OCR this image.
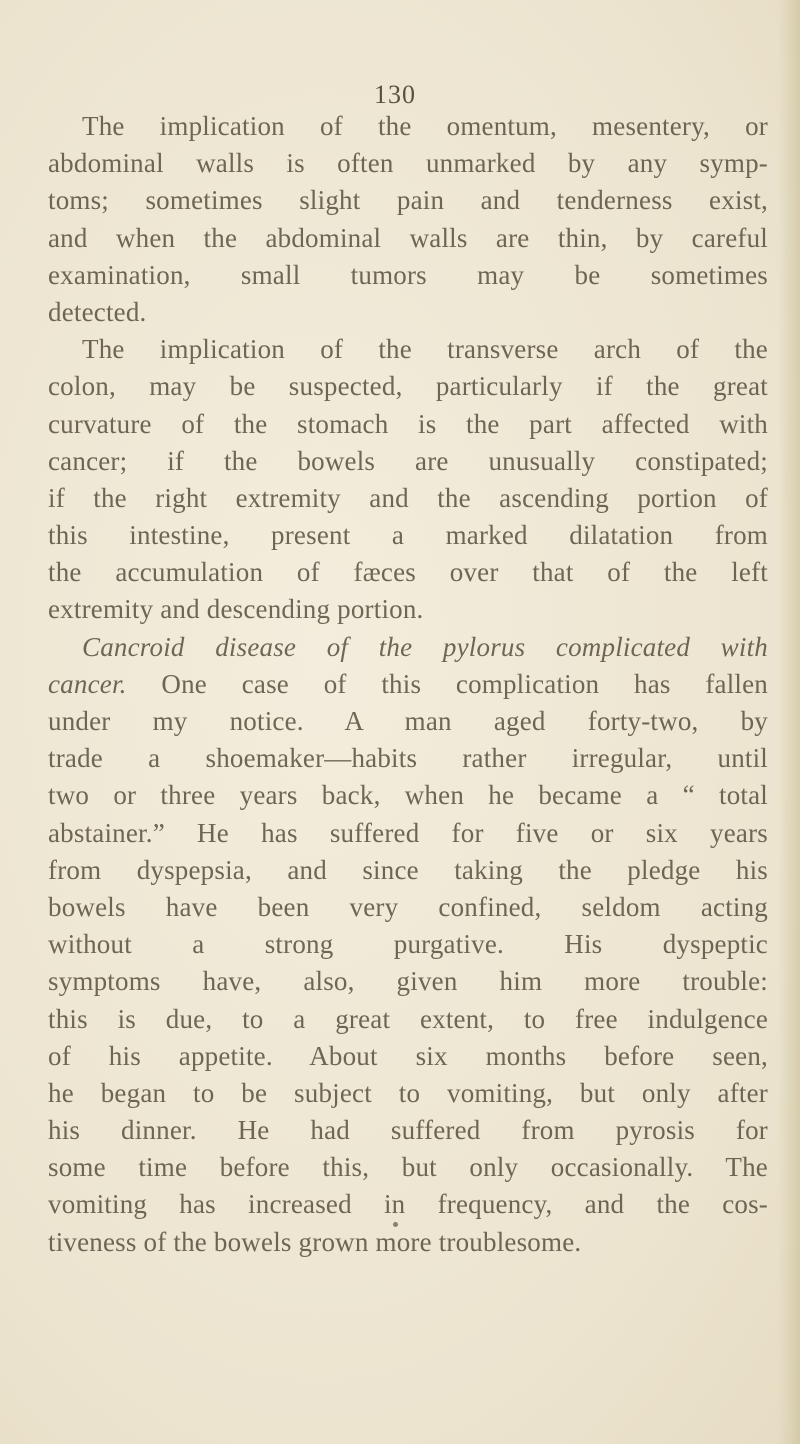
130
The implication of the omentum, mesentery, or
abdominal walls is often unmarked by any symp-
toms; sometimes slight pain and tenderness exist,
and when the abdominal walls are thin, by careful
examination, small tumors may be sometimes
detected.
The implication of the transverse arch of the
colon, may be suspected, particularly if the great
curvature of the stomach is the part affected with
cancer; if the bowels are unusually constipated;
if the right extremity and the ascending portion of
this intestine, present a marked dilatation from
the accumulation of fæces over that of the left
extremity and descending portion.
Cancroid disease of the pylorus complicated with
cancer. One case of this complication has fallen
under my notice. A man aged forty-two, by
trade a shoemaker—habits rather irregular, until
two or three years back, when he became a “ total
abstainer.” He has suffered for five or six years
from dyspepsia, and since taking the pledge his
bowels have been very confined, seldom acting
without a strong purgative. His dyspeptic
symptoms have, also, given him more trouble:
this is due, to a great extent, to free indulgence
of his appetite. About six months before seen,
he began to be subject to vomiting, but only after
his dinner. He had suffered from pyrosis for
some time before this, but only occasionally. The
vomiting has increased in frequency, and the cos-
tiveness of the bowels grown more troublesome.
